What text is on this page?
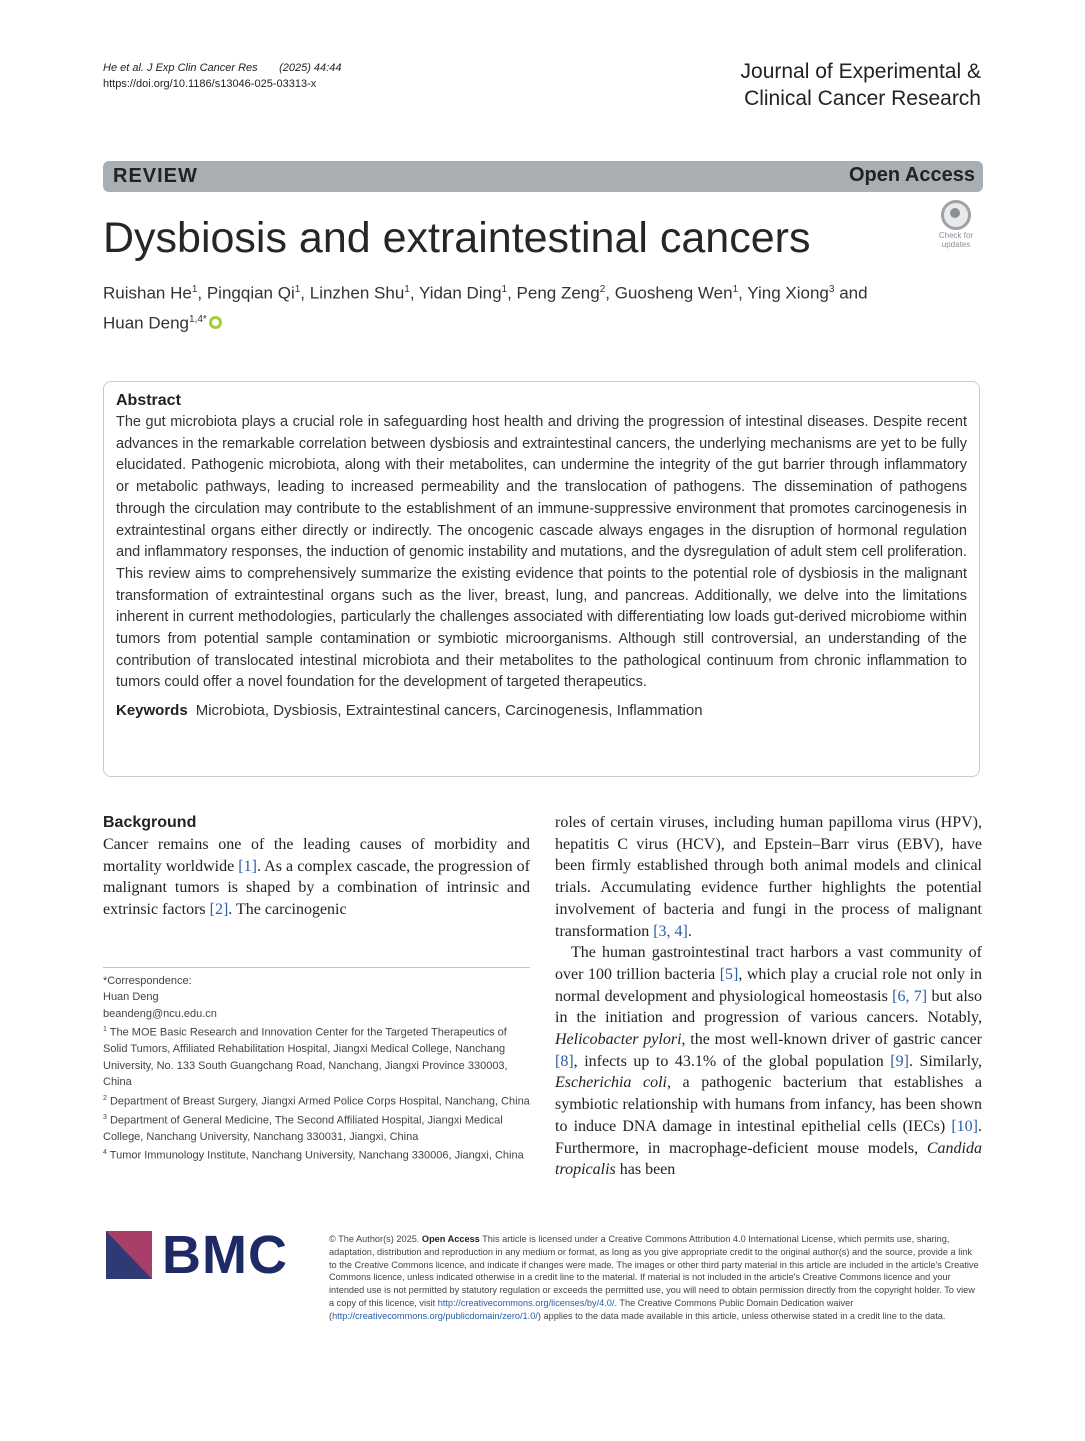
He et al. J Exp Clin Cancer Res (2025) 44:44
https://doi.org/10.1186/s13046-025-03313-x
Journal of Experimental &
Clinical Cancer Research
REVIEW	Open Access
Dysbiosis and extraintestinal cancers	Check for
updates
Ruishan He$^1$, Pingqian Qi$^1$, Linzhen Shu$^1$, Yidan Ding$^1$, Peng Zeng$^2$, Guosheng Wen$^1$, Ying Xiong$^3$ and
Huan Deng$^{1,4*}$
Abstract
The gut microbiota plays a crucial role in safeguarding host health and driving the progression of intestinal diseases. Despite recent advances in the remarkable correlation between dysbiosis and extraintestinal cancers, the underlying mechanisms are yet to be fully elucidated. Pathogenic microbiota, along with their metabolites, can undermine the integrity of the gut barrier through inflammatory or metabolic pathways, leading to increased permeability and the translocation of pathogens. The dissemination of pathogens through the circulation may contribute to the establishment of an immune-suppressive environment that promotes carcinogenesis in extraintestinal organs either directly or indirectly. The oncogenic cascade always engages in the disruption of hormonal regulation and inflammatory responses, the induction of genomic instability and mutations, and the dysregulation of adult stem cell proliferation. This review aims to comprehensively summarize the existing evidence that points to the potential role of dysbiosis in the malignant transformation of extraintestinal organs such as the liver, breast, lung, and pancreas. Additionally, we delve into the limitations inherent in current methodologies, particularly the challenges associated with differentiating low loads gut-derived microbiome within tumors from potential sample contamination or symbiotic microorganisms. Although still controversial, an understanding of the contribution of translocated intestinal microbiota and their metabolites to the pathological continuum from chronic inflammation to tumors could offer a novel foundation for the development of targeted therapeutics.
Keywords Microbiota, Dysbiosis, Extraintestinal cancers, Carcinogenesis, Inflammation
Background
Cancer remains one of the leading causes of morbidity and mortality worldwide [1]. As a complex cascade, the progression of malignant tumors is shaped by a combination of intrinsic and extrinsic factors [2]. The carcinogenic
*Correspondence:
Huan Deng
beandeng@ncu.edu.cn
$^1$ The MOE Basic Research and Innovation Center for the Targeted Therapeutics of Solid Tumors, Affiliated Rehabilitation Hospital, Jiangxi Medical College, Nanchang University, No. 133 South Guangchang Road, Nanchang, Jiangxi Province 330003, China
$^2$ Department of Breast Surgery, Jiangxi Armed Police Corps Hospital, Nanchang, China
$^3$ Department of General Medicine, The Second Affiliated Hospital, Jiangxi Medical College, Nanchang University, Nanchang 330031, Jiangxi, China
$^4$ Tumor Immunology Institute, Nanchang University, Nanchang 330006, Jiangxi, China

roles of certain viruses, including human papilloma virus (HPV), hepatitis C virus (HCV), and Epstein–Barr virus (EBV), have been firmly established through both animal models and clinical trials. Accumulating evidence further highlights the potential involvement of bacteria and fungi in the process of malignant transformation [3, 4].

The human gastrointestinal tract harbors a vast community of over 100 trillion bacteria [5], which play a crucial role not only in normal development and physiological homeostasis [6, 7] but also in the initiation and progression of various cancers. Notably, Helicobacter pylori, the most well-known driver of gastric cancer [8], infects up to 43.1% of the global population [9]. Similarly, Escherichia coli, a pathogenic bacterium that establishes a symbiotic relationship with humans from infancy, has been shown to induce DNA damage in intestinal epithelial cells (IECs) [10]. Furthermore, in macrophage-deficient mouse models, Candida tropicalis has been

BMC	© The Author(s) 2025. Open Access This article is licensed under a Creative Commons Attribution 4.0 International License, which permits use, sharing, adaptation, distribution and reproduction in any medium or format, as long as you give appropriate credit to the original author(s) and the source, provide a link to the Creative Commons licence, and indicate if changes were made. The images or other third party material in this article are included in the article's Creative Commons licence, unless indicated otherwise in a credit line to the material. If material is not included in the article's Creative Commons licence and your intended use is not permitted by statutory regulation or exceeds the permitted use, you will need to obtain permission directly from the copyright holder. To view a copy of this licence, visit http://creativecommons.org/licenses/by/4.0/. The Creative Commons Public Domain Dedication waiver (http://creativecommons.org/publicdomain/zero/1.0/) applies to the data made available in this article, unless otherwise stated in a credit line to the data.
